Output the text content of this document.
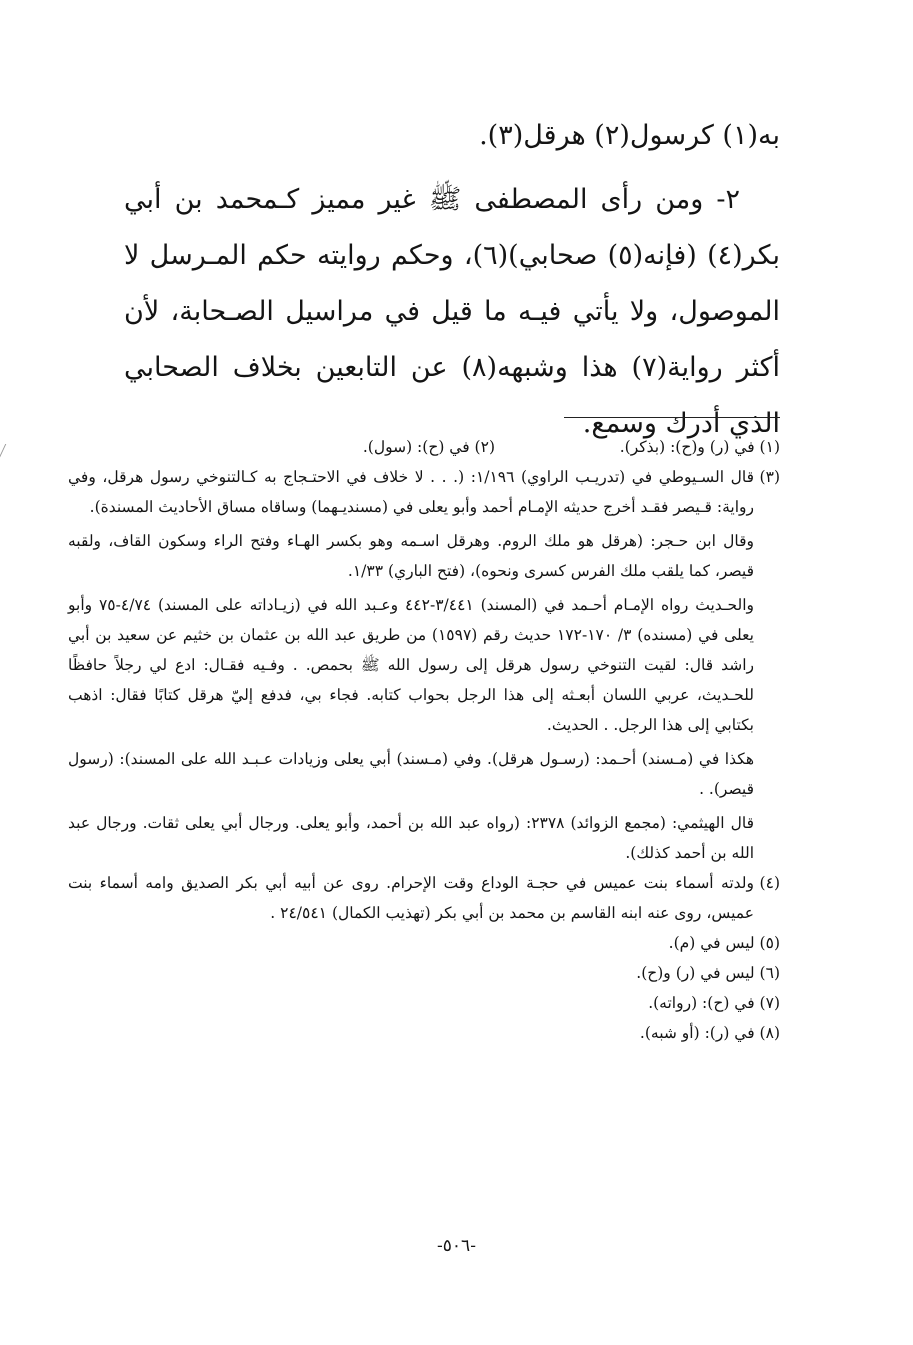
به(١) كرسول(٢) هرقل(٣).

٢- ومن رأى المصطفى ﷺ غير مميز كـمحمد بن أبي بكر(٤) (فإنه(٥) صحابي)(٦)، وحكم روايته حكم المـرسل لا الموصول، ولا يأتي فيـه ما قيل في مراسيل الصـحابة، لأن أكثر رواية(٧) هذا وشبهه(٨) عن التابعين بخلاف الصحابي الذي أدرك وسمع.

(١) في (ر) و(ح): (بذكر).
(٢) في (ح): (سول).
(٣)
قال السـيوطي في (تدريـب الراوي) ١/١٩٦: (. . . لا خلاف في الاحتـجاج به كـالتنوخي رسول هرقل، وفي رواية: قـيصر فقـد أخرج حديثه الإمـام أحمد وأبو يعلى في (مسنديـهما) وساقاه مساق الأحاديث المسندة).
وقال ابن حـجر: (هرقل هو ملك الروم. وهرقل اسـمه وهو بكسر الهـاء وفتح الراء وسكون القاف، ولقبه قيصر، كما يلقب ملك الفرس كسرى ونحوه)، (فتح الباري) ١/٣٣.
والحـديث رواه الإمـام أحـمد في (المسند) ٣/٤٤١-٤٤٢ وعـبد الله في (زيـاداته على المسند) ٤/٧٤-٧٥ وأبو يعلى في (مسنده) ٣/ ١٧٠-١٧٢ حديث رقم (١٥٩٧) من طريق عبد الله بن عثمان بن خثيم عن سعيد بن أبي راشد قال: لقيت التنوخي رسول هرقل إلى رسول الله ﷺ بحمص. . وفـيه فقـال: ادع لي رجلاً حافظًا للحـديث، عربي اللسان أبعـثه إلى هذا الرجل بحواب كتابه. فجاء بي، فدفع إليّ هرقل كتابًا فقال: اذهب بكتابي إلى هذا الرجل. . الحديث.
هكذا في (مـسند) أحـمد: (رسـول هرقل). وفي (مـسند) أبي يعلى وزيادات عـبـد الله على المسند): (رسول قيصر). .
قال الهيثمي: (مجمع الزوائد) ٢٣٧٨: (رواه عبد الله بن أحمد، وأبو يعلى. ورجال أبي يعلى ثقات. ورجال عبد الله بن أحمد كذلك).
(٤)
ولدته أسماء بنت عميس في حجـة الوداع وقت الإحرام. روى عن أبيه أبي بكر الصديق وامه أسماء بنت عميس، روى عنه ابنه القاسم بن محمد بن أبي بكر (تهذيب الكمال) ٢٤/٥٤١ .
(٥) ليس في (م).
(٦) ليس في (ر) و(ح).
(٧) في (ح): (رواته).
(٨) في (ر): (أو شبه).
-٥٠٦-
